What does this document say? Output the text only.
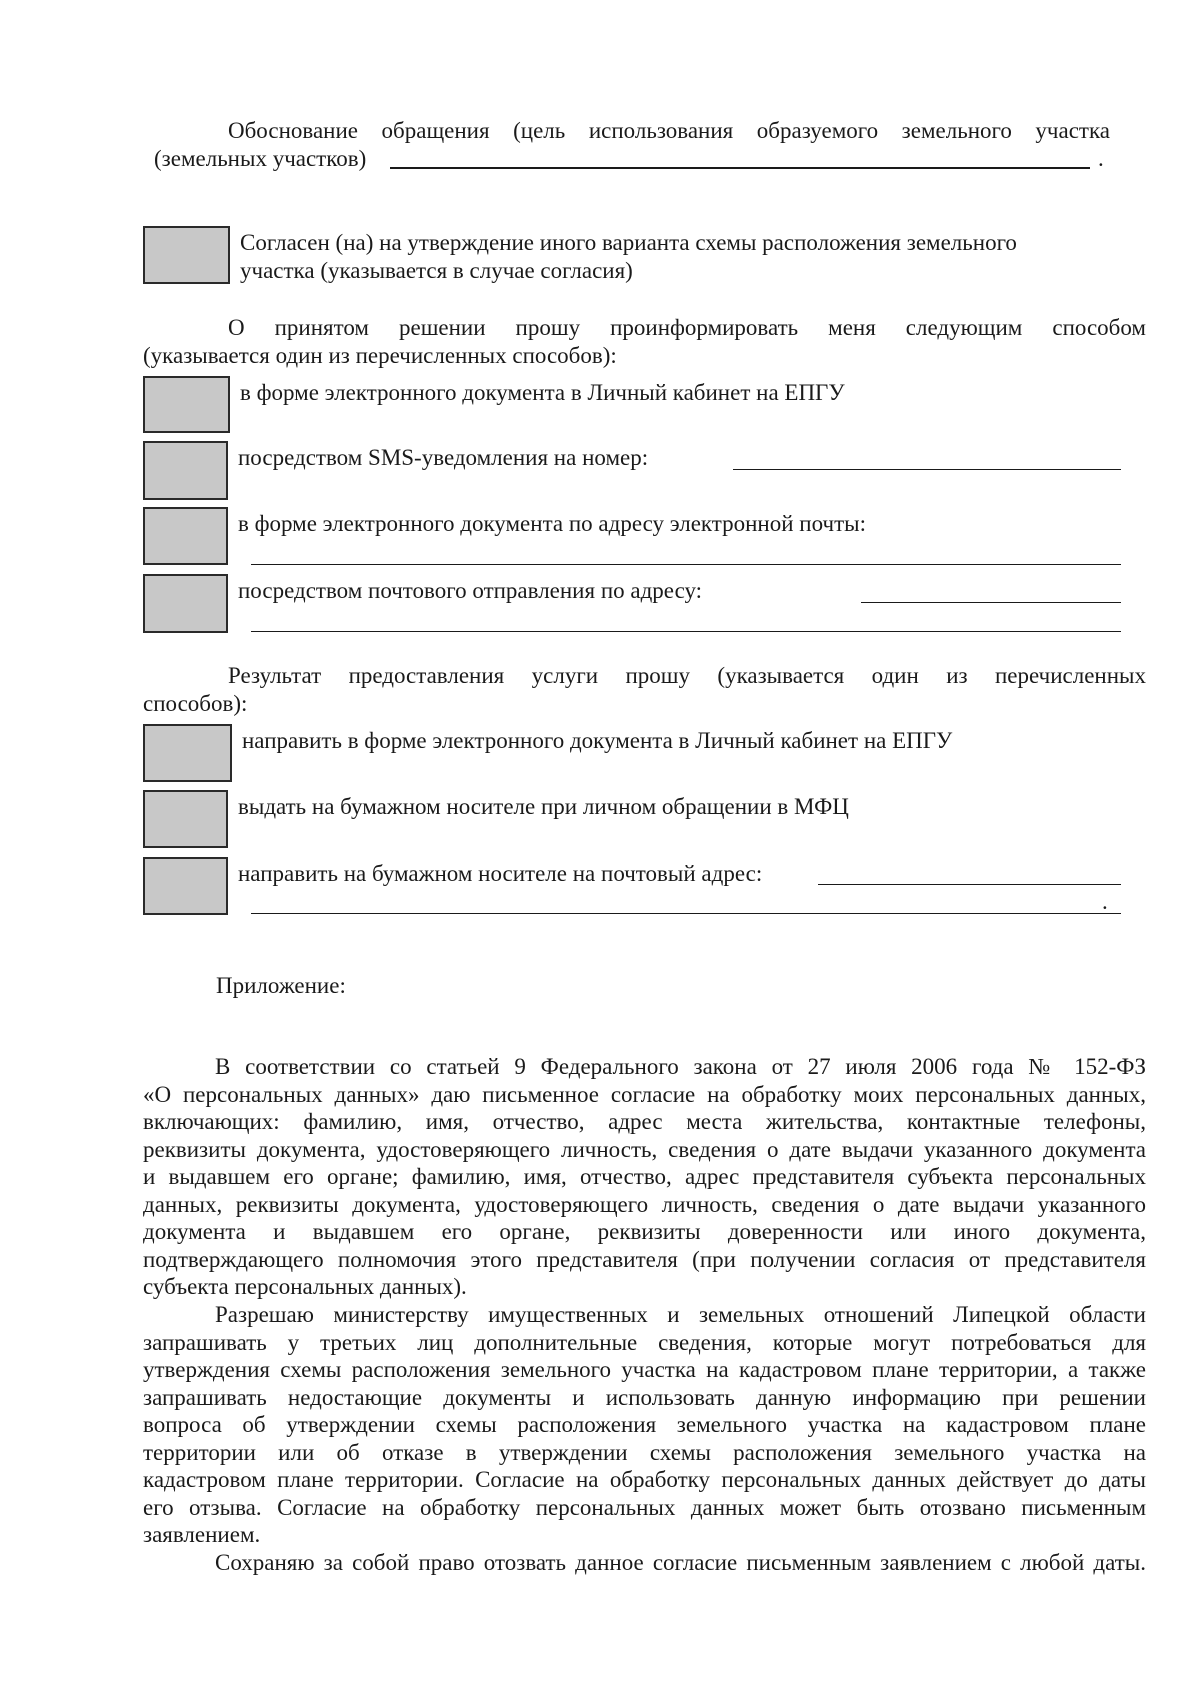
Обоснование обращения (цель использования образуемого земельного участка
(земельных участков)	.
Согласен (на) на утверждение иного варианта схемы расположения земельного
участка (указывается в случае согласия)
О принятом решении прошу проинформировать меня следующим способом
(указывается один из перечисленных способов):
в форме электронного документа в Личный кабинет на ЕПГУ
посредством SMS-уведомления на номер:
в форме электронного документа по адресу электронной почты:
посредством почтового отправления по адресу:
Результат предоставления услуги прошу (указывается один из перечисленных
способов):
направить в форме электронного документа в Личный кабинет на ЕПГУ
выдать на бумажном носителе при личном обращении в МФЦ
направить на бумажном носителе на почтовый адрес:
.
Приложение:
В соответствии со статьей 9 Федерального закона от 27 июля 2006 года № 152-ФЗ
«О персональных данных» даю письменное согласие на обработку моих персональных данных,
включающих: фамилию, имя, отчество, адрес места жительства, контактные телефоны,
реквизиты документа, удостоверяющего личность, сведения о дате выдачи указанного документа
и выдавшем его органе; фамилию, имя, отчество, адрес представителя субъекта персональных
данных, реквизиты документа, удостоверяющего личность, сведения о дате выдачи указанного
документа и выдавшем его органе, реквизиты доверенности или иного документа,
подтверждающего полномочия этого представителя (при получении согласия от представителя
субъекта персональных данных).
Разрешаю министерству имущественных и земельных отношений Липецкой области
запрашивать у третьих лиц дополнительные сведения, которые могут потребоваться для
утверждения схемы расположения земельного участка на кадастровом плане территории, а также
запрашивать недостающие документы и использовать данную информацию при решении
вопроса об утверждении схемы расположения земельного участка на кадастровом плане
территории или об отказе в утверждении схемы расположения земельного участка на
кадастровом плане территории. Согласие на обработку персональных данных действует до даты
его отзыва. Согласие на обработку персональных данных может быть отозвано письменным
заявлением.
Сохраняю за собой право отозвать данное согласие письменным заявлением с любой даты.
